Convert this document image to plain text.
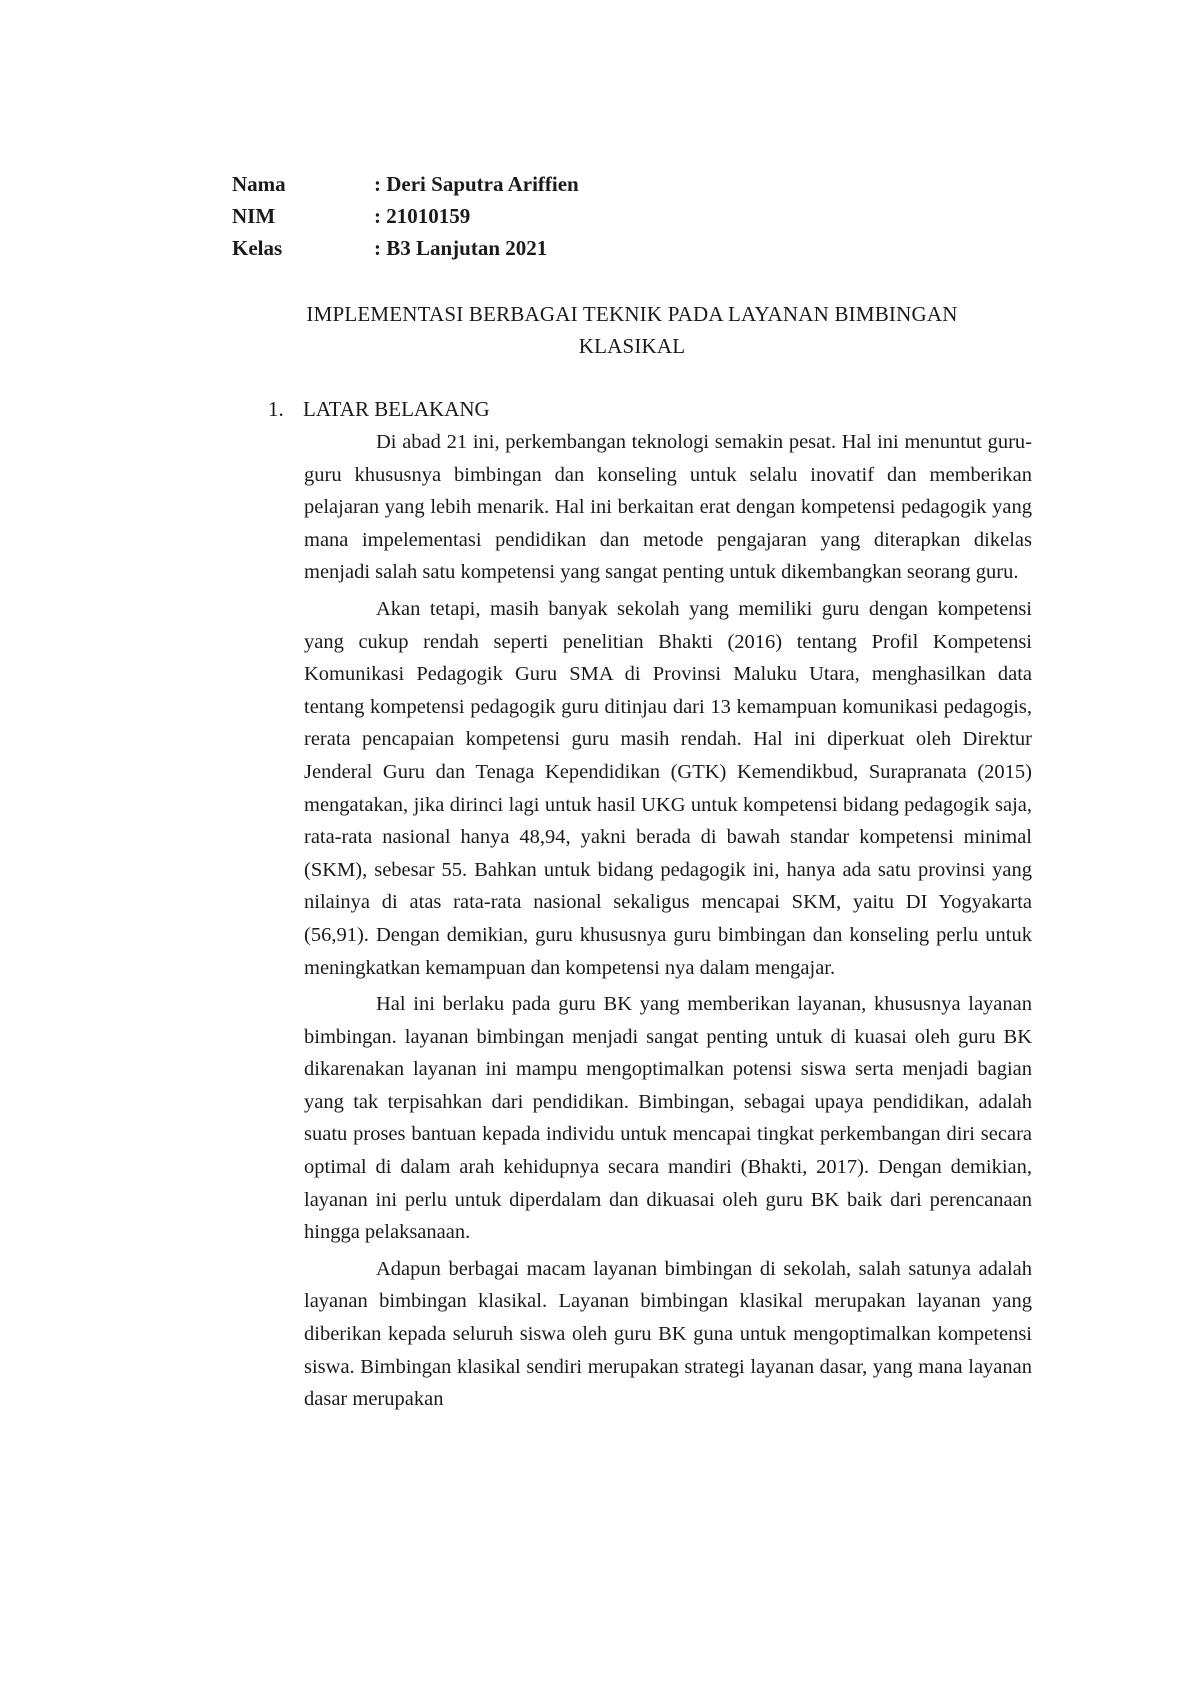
Nama	: Deri Saputra Ariffien
NIM	: 21010159
Kelas	: B3 Lanjutan 2021
IMPLEMENTASI BERBAGAI TEKNIK PADA LAYANAN BIMBINGAN
KLASIKAL
1. LATAR BELAKANG

Di abad 21 ini, perkembangan teknologi semakin pesat. Hal ini menuntut guru-guru khususnya bimbingan dan konseling untuk selalu inovatif dan memberikan pelajaran yang lebih menarik. Hal ini berkaitan erat dengan kompetensi pedagogik yang mana impelementasi pendidikan dan metode pengajaran yang diterapkan dikelas menjadi salah satu kompetensi yang sangat penting untuk dikembangkan seorang guru.

Akan tetapi, masih banyak sekolah yang memiliki guru dengan kompetensi yang cukup rendah seperti penelitian Bhakti (2016) tentang Profil Kompetensi Komunikasi Pedagogik Guru SMA di Provinsi Maluku Utara, menghasilkan data tentang kompetensi pedagogik guru ditinjau dari 13 kemampuan komunikasi pedagogis, rerata pencapaian kompetensi guru masih rendah. Hal ini diperkuat oleh Direktur Jenderal Guru dan Tenaga Kependidikan (GTK) Kemendikbud, Surapranata (2015) mengatakan, jika dirinci lagi untuk hasil UKG untuk kompetensi bidang pedagogik saja, rata-rata nasional hanya 48,94, yakni berada di bawah standar kompetensi minimal (SKM), sebesar 55. Bahkan untuk bidang pedagogik ini, hanya ada satu provinsi yang nilainya di atas rata-rata nasional sekaligus mencapai SKM, yaitu DI Yogyakarta (56,91). Dengan demikian, guru khususnya guru bimbingan dan konseling perlu untuk meningkatkan kemampuan dan kompetensi nya dalam mengajar.

Hal ini berlaku pada guru BK yang memberikan layanan, khususnya layanan bimbingan. layanan bimbingan menjadi sangat penting untuk di kuasai oleh guru BK dikarenakan layanan ini mampu mengoptimalkan potensi siswa serta menjadi bagian yang tak terpisahkan dari pendidikan. Bimbingan, sebagai upaya pendidikan, adalah suatu proses bantuan kepada individu untuk mencapai tingkat perkembangan diri secara optimal di dalam arah kehidupnya secara mandiri (Bhakti, 2017). Dengan demikian, layanan ini perlu untuk diperdalam dan dikuasai oleh guru BK baik dari perencanaan hingga pelaksanaan.

Adapun berbagai macam layanan bimbingan di sekolah, salah satunya adalah layanan bimbingan klasikal. Layanan bimbingan klasikal merupakan layanan yang diberikan kepada seluruh siswa oleh guru BK guna untuk mengoptimalkan kompetensi siswa. Bimbingan klasikal sendiri merupakan strategi layanan dasar, yang mana layanan dasar merupakan
